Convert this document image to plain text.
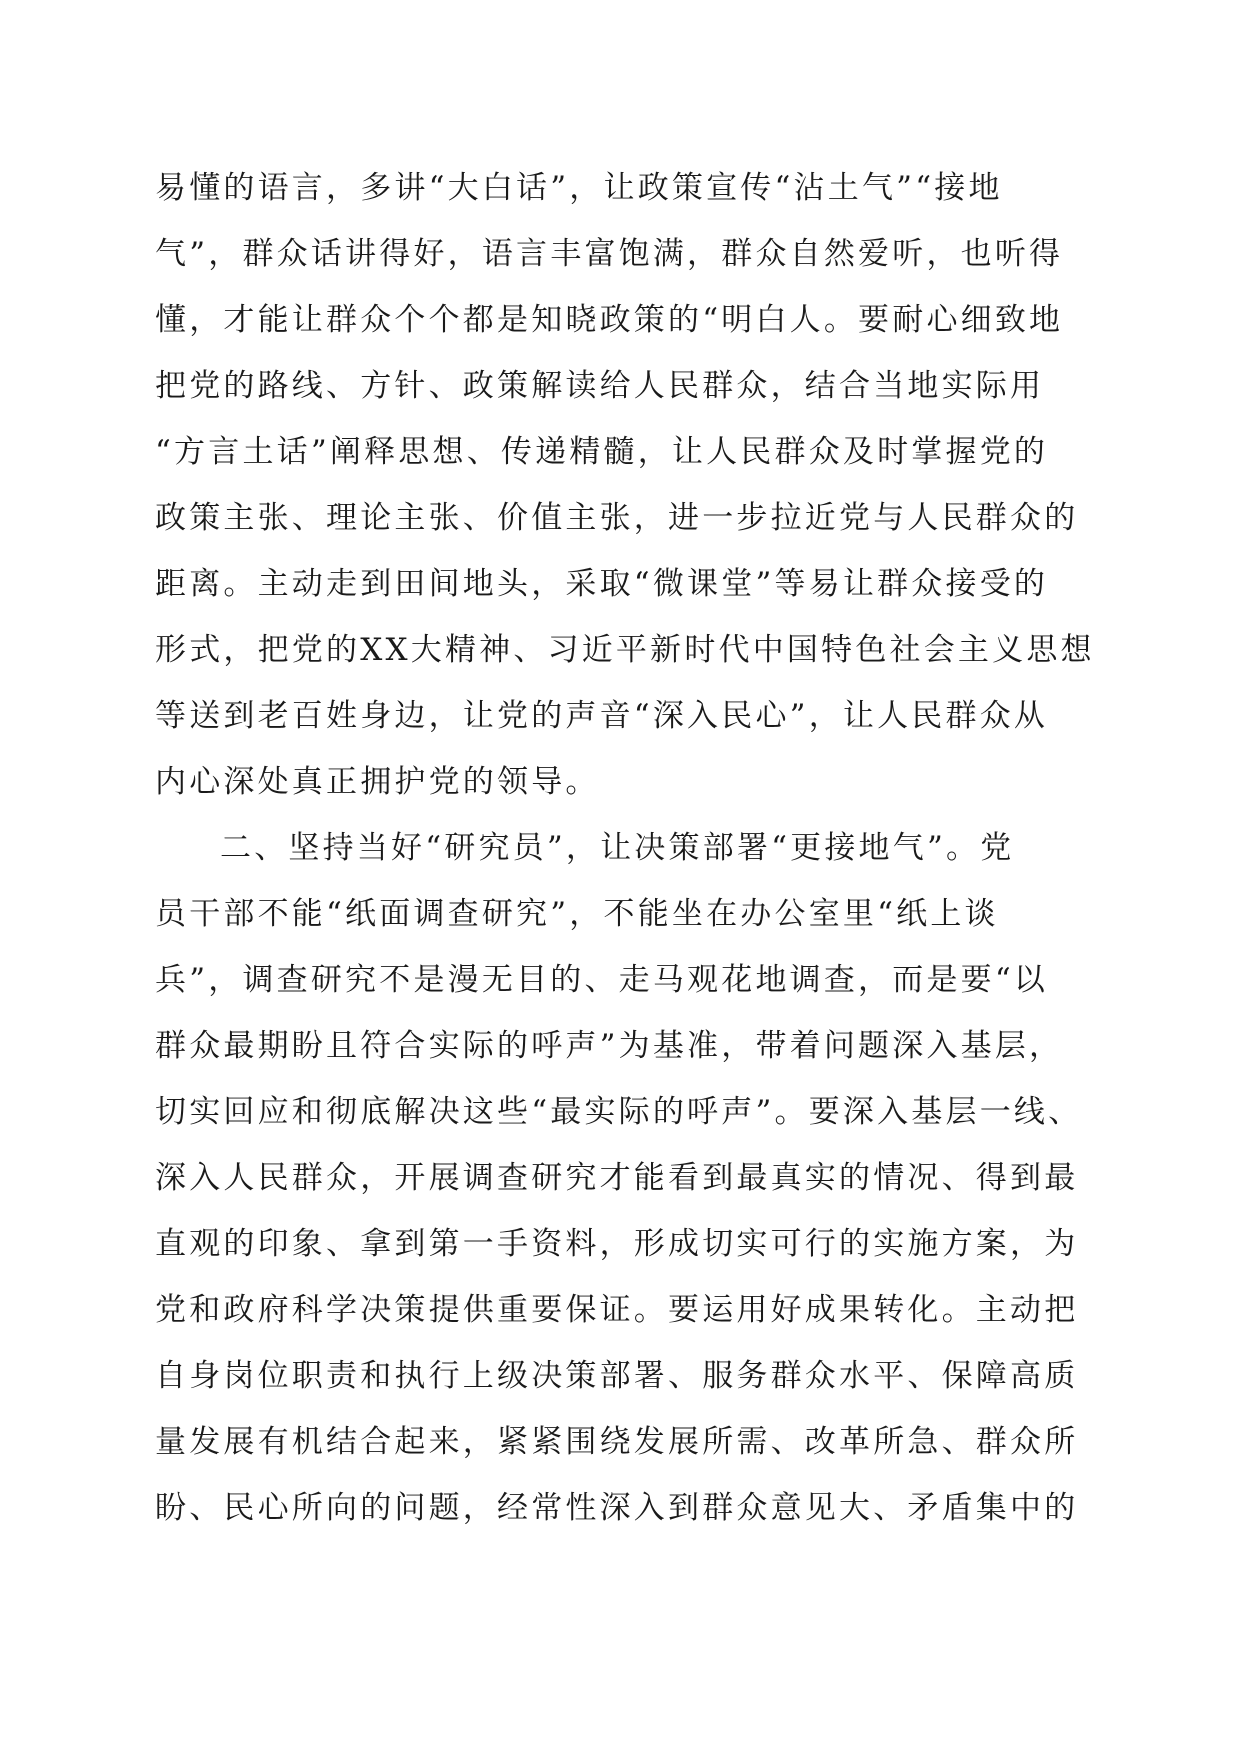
易懂的语言，多讲“大白话”，让政策宣传“沾土气”“接地
气”，群众话讲得好，语言丰富饱满，群众自然爱听，也听得
懂，才能让群众个个都是知晓政策的“明白人。要耐心细致地
把党的路线、方针、政策解读给人民群众，结合当地实际用
“方言土话”阐释思想、传递精髓，让人民群众及时掌握党的
政策主张、理论主张、价值主张，进一步拉近党与人民群众的
距离。主动走到田间地头，采取“微课堂”等易让群众接受的
形式，把党的XX大精神、习近平新时代中国特色社会主义思想
等送到老百姓身边，让党的声音“深入民心”，让人民群众从
内心深处真正拥护党的领导。
二、坚持当好“研究员”，让决策部署“更接地气”。党
员干部不能“纸面调查研究”，不能坐在办公室里“纸上谈
兵”，调查研究不是漫无目的、走马观花地调查，而是要“以
群众最期盼且符合实际的呼声”为基准，带着问题深入基层，
切实回应和彻底解决这些“最实际的呼声”。要深入基层一线、
深入人民群众，开展调查研究才能看到最真实的情况、得到最
直观的印象、拿到第一手资料，形成切实可行的实施方案，为
党和政府科学决策提供重要保证。要运用好成果转化。主动把
自身岗位职责和执行上级决策部署、服务群众水平、保障高质
量发展有机结合起来，紧紧围绕发展所需、改革所急、群众所
盼、民心所向的问题，经常性深入到群众意见大、矛盾集中的
